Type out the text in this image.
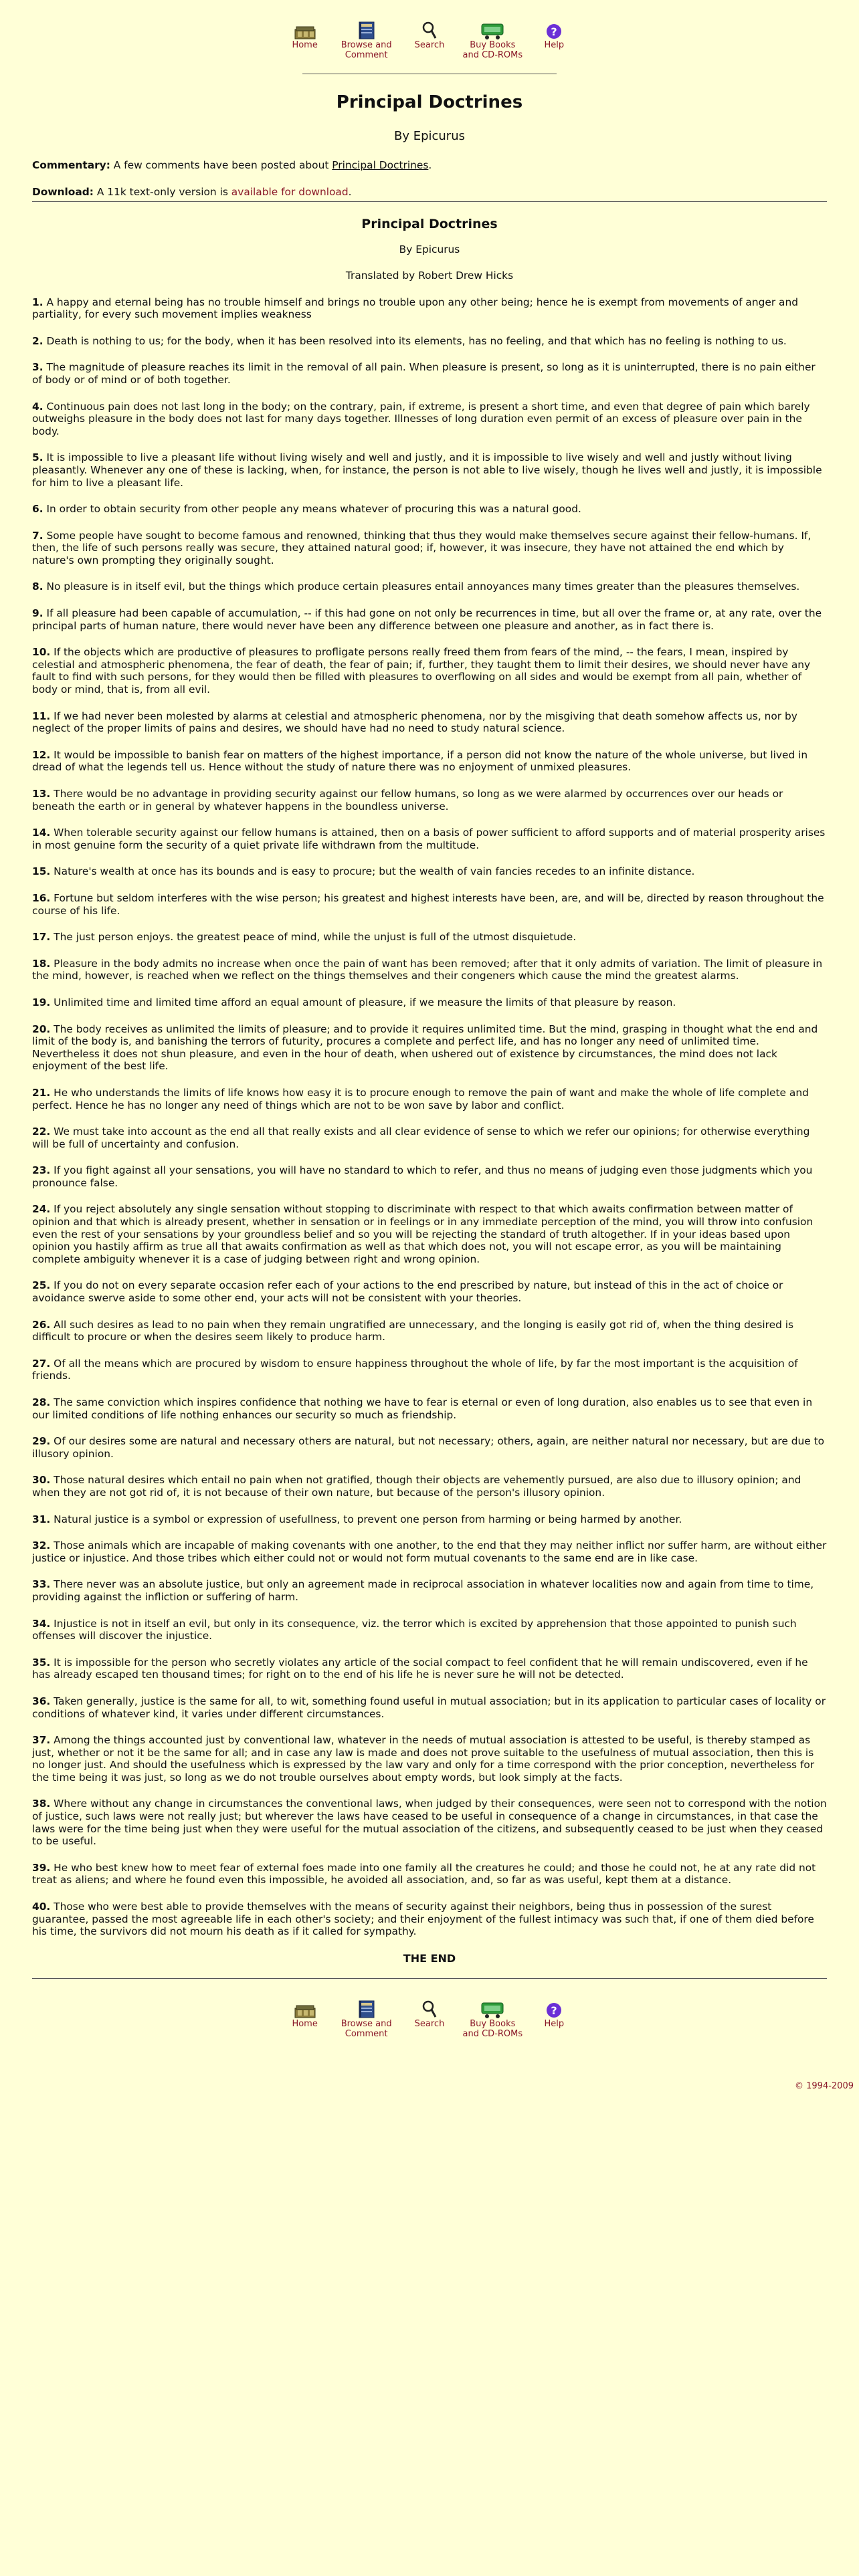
Home	Browse and Comment
Search	Buy Books and CD-ROMs
?
Help
Principal Doctrines
By Epicurus
Commentary: A few comments have been posted about Principal Doctrines.
Download: A 11k text-only version is available for download.
Principal Doctrines
By Epicurus
Translated by Robert Drew Hicks

1. A happy and eternal being has no trouble himself and brings no trouble upon any other being; hence he is exempt from movements of anger and partiality, for every such movement implies weakness

2. Death is nothing to us; for the body, when it has been resolved into its elements, has no feeling, and that which has no feeling is nothing to us.

3. The magnitude of pleasure reaches its limit in the removal of all pain. When pleasure is present, so long as it is uninterrupted, there is no pain either of body or of mind or of both together.

4. Continuous pain does not last long in the body; on the contrary, pain, if extreme, is present a short time, and even that degree of pain which barely outweighs pleasure in the body does not last for many days together. Illnesses of long duration even permit of an excess of pleasure over pain in the body.

5. It is impossible to live a pleasant life without living wisely and well and justly, and it is impossible to live wisely and well and justly without living pleasantly. Whenever any one of these is lacking, when, for instance, the person is not able to live wisely, though he lives well and justly, it is impossible for him to live a pleasant life.

6. In order to obtain security from other people any means whatever of procuring this was a natural good.

7. Some people have sought to become famous and renowned, thinking that thus they would make themselves secure against their fellow-humans. If, then, the life of such persons really was secure, they attained natural good; if, however, it was insecure, they have not attained the end which by nature's own prompting they originally sought.

8. No pleasure is in itself evil, but the things which produce certain pleasures entail annoyances many times greater than the pleasures themselves.

9. If all pleasure had been capable of accumulation, -- if this had gone on not only be recurrences in time, but all over the frame or, at any rate, over the principal parts of human nature, there would never have been any difference between one pleasure and another, as in fact there is.

10. If the objects which are productive of pleasures to profligate persons really freed them from fears of the mind, -- the fears, I mean, inspired by celestial and atmospheric phenomena, the fear of death, the fear of pain; if, further, they taught them to limit their desires, we should never have any fault to find with such persons, for they would then be filled with pleasures to overflowing on all sides and would be exempt from all pain, whether of body or mind, that is, from all evil.

11. If we had never been molested by alarms at celestial and atmospheric phenomena, nor by the misgiving that death somehow affects us, nor by neglect of the proper limits of pains and desires, we should have had no need to study natural science.

12. It would be impossible to banish fear on matters of the highest importance, if a person did not know the nature of the whole universe, but lived in dread of what the legends tell us. Hence without the study of nature there was no enjoyment of unmixed pleasures.

13. There would be no advantage in providing security against our fellow humans, so long as we were alarmed by occurrences over our heads or beneath the earth or in general by whatever happens in the boundless universe.

14. When tolerable security against our fellow humans is attained, then on a basis of power sufficient to afford supports and of material prosperity arises in most genuine form the security of a quiet private life withdrawn from the multitude.

15. Nature's wealth at once has its bounds and is easy to procure; but the wealth of vain fancies recedes to an infinite distance.

16. Fortune but seldom interferes with the wise person; his greatest and highest interests have been, are, and will be, directed by reason throughout the course of his life.

17. The just person enjoys. the greatest peace of mind, while the unjust is full of the utmost disquietude.

18. Pleasure in the body admits no increase when once the pain of want has been removed; after that it only admits of variation. The limit of pleasure in the mind, however, is reached when we reflect on the things themselves and their congeners which cause the mind the greatest alarms.

19. Unlimited time and limited time afford an equal amount of pleasure, if we measure the limits of that pleasure by reason.

20. The body receives as unlimited the limits of pleasure; and to provide it requires unlimited time. But the mind, grasping in thought what the end and limit of the body is, and banishing the terrors of futurity, procures a complete and perfect life, and has no longer any need of unlimited time. Nevertheless it does not shun pleasure, and even in the hour of death, when ushered out of existence by circumstances, the mind does not lack enjoyment of the best life.

21. He who understands the limits of life knows how easy it is to procure enough to remove the pain of want and make the whole of life complete and perfect. Hence he has no longer any need of things which are not to be won save by labor and conflict.

22. We must take into account as the end all that really exists and all clear evidence of sense to which we refer our opinions; for otherwise everything will be full of uncertainty and confusion.

23. If you fight against all your sensations, you will have no standard to which to refer, and thus no means of judging even those judgments which you pronounce false.

24. If you reject absolutely any single sensation without stopping to discriminate with respect to that which awaits confirmation between matter of opinion and that which is already present, whether in sensation or in feelings or in any immediate perception of the mind, you will throw into confusion even the rest of your sensations by your groundless belief and so you will be rejecting the standard of truth altogether. If in your ideas based upon opinion you hastily affirm as true all that awaits confirmation as well as that which does not, you will not escape error, as you will be maintaining complete ambiguity whenever it is a case of judging between right and wrong opinion.

25. If you do not on every separate occasion refer each of your actions to the end prescribed by nature, but instead of this in the act of choice or avoidance swerve aside to some other end, your acts will not be consistent with your theories.

26. All such desires as lead to no pain when they remain ungratified are unnecessary, and the longing is easily got rid of, when the thing desired is difficult to procure or when the desires seem likely to produce harm.

27. Of all the means which are procured by wisdom to ensure happiness throughout the whole of life, by far the most important is the acquisition of friends.

28. The same conviction which inspires confidence that nothing we have to fear is eternal or even of long duration, also enables us to see that even in our limited conditions of life nothing enhances our security so much as friendship.

29. Of our desires some are natural and necessary others are natural, but not necessary; others, again, are neither natural nor necessary, but are due to illusory opinion.

30. Those natural desires which entail no pain when not gratified, though their objects are vehemently pursued, are also due to illusory opinion; and when they are not got rid of, it is not because of their own nature, but because of the person's illusory opinion.

31. Natural justice is a symbol or expression of usefullness, to prevent one person from harming or being harmed by another.

32. Those animals which are incapable of making covenants with one another, to the end that they may neither inflict nor suffer harm, are without either justice or injustice. And those tribes which either could not or would not form mutual covenants to the same end are in like case.

33. There never was an absolute justice, but only an agreement made in reciprocal association in whatever localities now and again from time to time, providing against the infliction or suffering of harm.

34. Injustice is not in itself an evil, but only in its consequence, viz. the terror which is excited by apprehension that those appointed to punish such offenses will discover the injustice.

35. It is impossible for the person who secretly violates any article of the social compact to feel confident that he will remain undiscovered, even if he has already escaped ten thousand times; for right on to the end of his life he is never sure he will not be detected.

36. Taken generally, justice is the same for all, to wit, something found useful in mutual association; but in its application to particular cases of locality or conditions of whatever kind, it varies under different circumstances.

37. Among the things accounted just by conventional law, whatever in the needs of mutual association is attested to be useful, is thereby stamped as just, whether or not it be the same for all; and in case any law is made and does not prove suitable to the usefulness of mutual association, then this is no longer just. And should the usefulness which is expressed by the law vary and only for a time correspond with the prior conception, nevertheless for the time being it was just, so long as we do not trouble ourselves about empty words, but look simply at the facts.

38. Where without any change in circumstances the conventional laws, when judged by their consequences, were seen not to correspond with the notion of justice, such laws were not really just; but wherever the laws have ceased to be useful in consequence of a change in circumstances, in that case the laws were for the time being just when they were useful for the mutual association of the citizens, and subsequently ceased to be just when they ceased to be useful.

39. He who best knew how to meet fear of external foes made into one family all the creatures he could; and those he could not, he at any rate did not treat as aliens; and where he found even this impossible, he avoided all association, and, so far as was useful, kept them at a distance.

40. Those who were best able to provide themselves with the means of security against their neighbors, being thus in possession of the surest guarantee, passed the most agreeable life in each other's society; and their enjoyment of the fullest intimacy was such that, if one of them died before his time, the survivors did not mourn his death as if it called for sympathy.

THE END
Home	Browse and Comment
Search	Buy Books and CD-ROMs
?
Help
© 1994-2009
